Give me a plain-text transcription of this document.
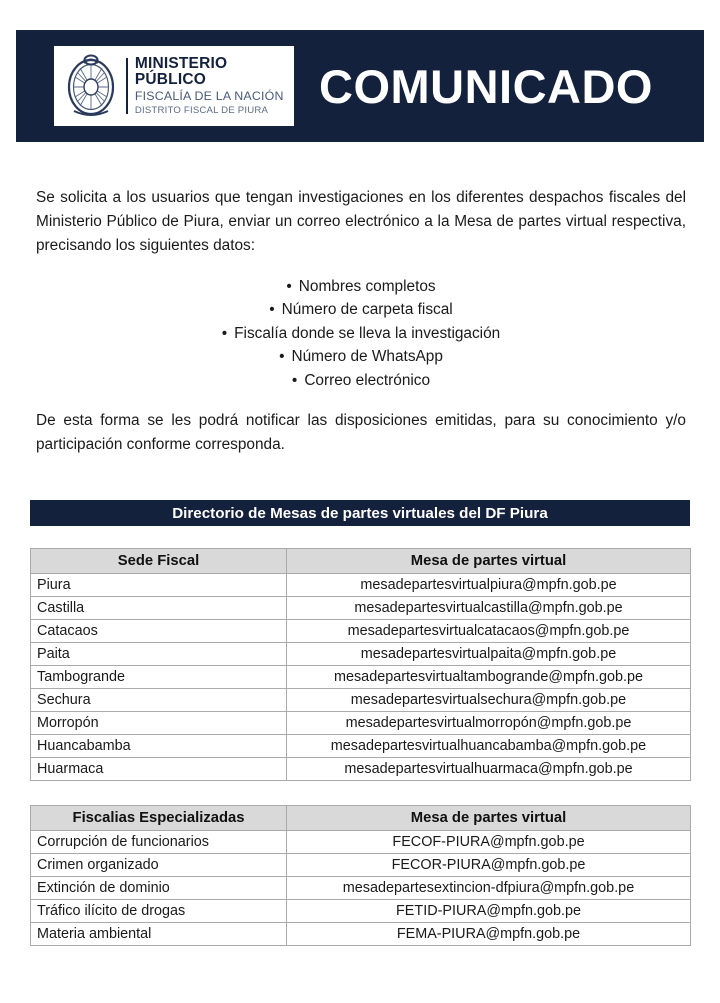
MINISTERIO PÚBLICO
FISCALÍA DE LA NACIÓN
DISTRITO FISCAL DE PIURA	COMUNICADO
Se solicita a los usuarios que tengan investigaciones en los diferentes despachos fiscales del Ministerio Público de Piura, enviar un correo electrónico a la Mesa de partes virtual respectiva, precisando los siguientes datos:
• Nombres completos
• Número de carpeta fiscal
• Fiscalía donde se lleva la investigación
• Número de WhatsApp
• Correo electrónico
De esta forma se les podrá notificar las disposiciones emitidas, para su conocimiento y/o participación conforme corresponda.
Directorio de Mesas de partes virtuales del DF Piura
Sede Fiscal	Mesa de partes virtual
Piura	mesadepartesvirtualpiura@mpfn.gob.pe
Castilla	mesadepartesvirtualcastilla@mpfn.gob.pe
Catacaos	mesadepartesvirtualcatacaos@mpfn.gob.pe
Paita	mesadepartesvirtualpaita@mpfn.gob.pe
Tambogrande	mesadepartesvirtualtambogrande@mpfn.gob.pe
Sechura	mesadepartesvirtualsechura@mpfn.gob.pe
Morropón	mesadepartesvirtualmorropón@mpfn.gob.pe
Huancabamba	mesadepartesvirtualhuancabamba@mpfn.gob.pe
Huarmaca	mesadepartesvirtualhuarmaca@mpfn.gob.pe
Fiscalias Especializadas	Mesa de partes virtual
Corrupción de funcionarios	FECOF-PIURA@mpfn.gob.pe
Crimen organizado	FECOR-PIURA@mpfn.gob.pe
Extinción de dominio	mesadepartesextincion-dfpiura@mpfn.gob.pe
Tráfico ilícito de drogas	FETID-PIURA@mpfn.gob.pe
Materia ambiental	FEMA-PIURA@mpfn.gob.pe
